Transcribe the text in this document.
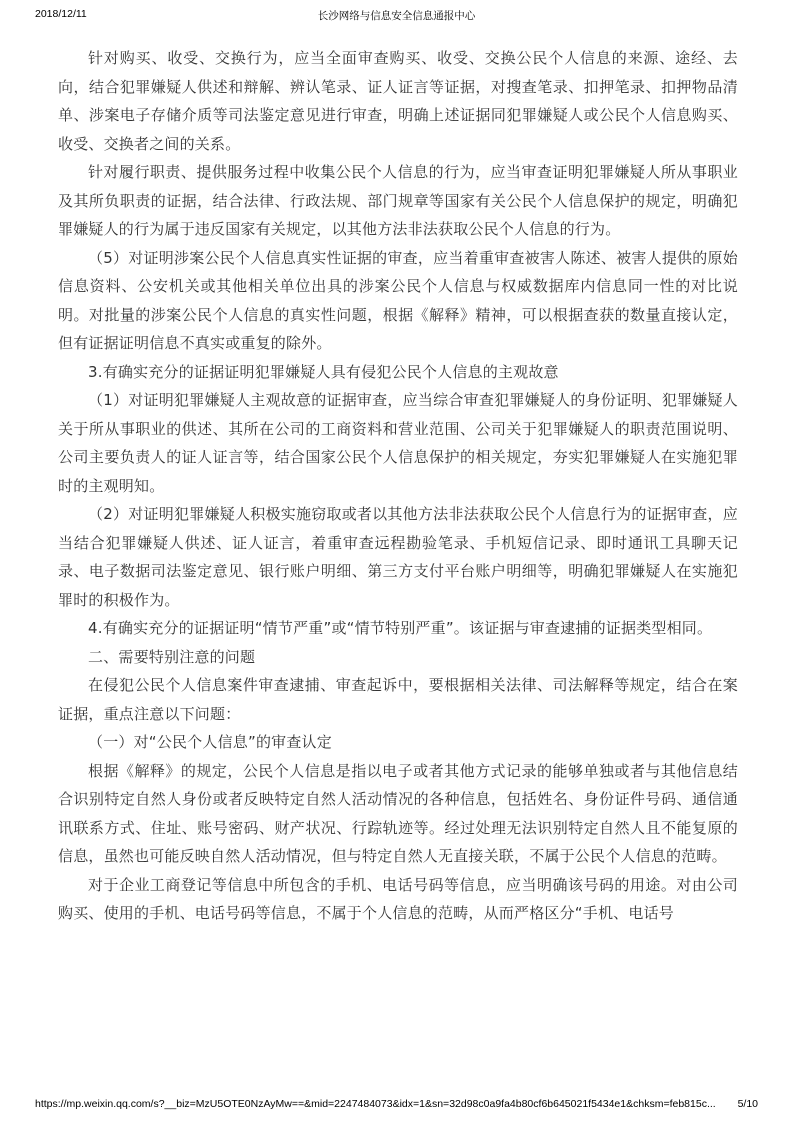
2018/12/11	长沙网络与信息安全信息通报中心

针对购买、收受、交换行为，应当全面审查购买、收受、交换公民个人信息的来源、途经、去向，结合犯罪嫌疑人供述和辩解、辨认笔录、证人证言等证据，对搜查笔录、扣押笔录、扣押物品清单、涉案电子存储介质等司法鉴定意见进行审查，明确上述证据同犯罪嫌疑人或公民个人信息购买、收受、交换者之间的关系。

针对履行职责、提供服务过程中收集公民个人信息的行为，应当审查证明犯罪嫌疑人所从事职业及其所负职责的证据，结合法律、行政法规、部门规章等国家有关公民个人信息保护的规定，明确犯罪嫌疑人的行为属于违反国家有关规定，以其他方法非法获取公民个人信息的行为。

（5）对证明涉案公民个人信息真实性证据的审查，应当着重审查被害人陈述、被害人提供的原始信息资料、公安机关或其他相关单位出具的涉案公民个人信息与权威数据库内信息同一性的对比说明。对批量的涉案公民个人信息的真实性问题，根据《解释》精神，可以根据查获的数量直接认定，但有证据证明信息不真实或重复的除外。

3.有确实充分的证据证明犯罪嫌疑人具有侵犯公民个人信息的主观故意

（1）对证明犯罪嫌疑人主观故意的证据审查，应当综合审查犯罪嫌疑人的身份证明、犯罪嫌疑人关于所从事职业的供述、其所在公司的工商资料和营业范围、公司关于犯罪嫌疑人的职责范围说明、公司主要负责人的证人证言等，结合国家公民个人信息保护的相关规定，夯实犯罪嫌疑人在实施犯罪时的主观明知。

（2）对证明犯罪嫌疑人积极实施窃取或者以其他方法非法获取公民个人信息行为的证据审查，应当结合犯罪嫌疑人供述、证人证言，着重审查远程勘验笔录、手机短信记录、即时通讯工具聊天记录、电子数据司法鉴定意见、银行账户明细、第三方支付平台账户明细等，明确犯罪嫌疑人在实施犯罪时的积极作为。

4.有确实充分的证据证明“情节严重”或“情节特别严重”。该证据与审查逮捕的证据类型相同。

二、需要特别注意的问题

在侵犯公民个人信息案件审查逮捕、审查起诉中，要根据相关法律、司法解释等规定，结合在案证据，重点注意以下问题：

（一）对“公民个人信息”的审查认定

根据《解释》的规定，公民个人信息是指以电子或者其他方式记录的能够单独或者与其他信息结合识别特定自然人身份或者反映特定自然人活动情况的各种信息，包括姓名、身份证件号码、通信通讯联系方式、住址、账号密码、财产状况、行踪轨迹等。经过处理无法识别特定自然人且不能复原的信息，虽然也可能反映自然人活动情况，但与特定自然人无直接关联，不属于公民个人信息的范畴。

对于企业工商登记等信息中所包含的手机、电话号码等信息，应当明确该号码的用途。对由公司购买、使用的手机、电话号码等信息，不属于个人信息的范畴，从而严格区分“手机、电话号

https://mp.weixin.qq.com/s?__biz=MzU5OTE0NzAyMw==&mid=2247484073&idx=1&sn=32d98c0a9fa4b80cf6b645021f5434e1&chksm=feb815c...	5/10
